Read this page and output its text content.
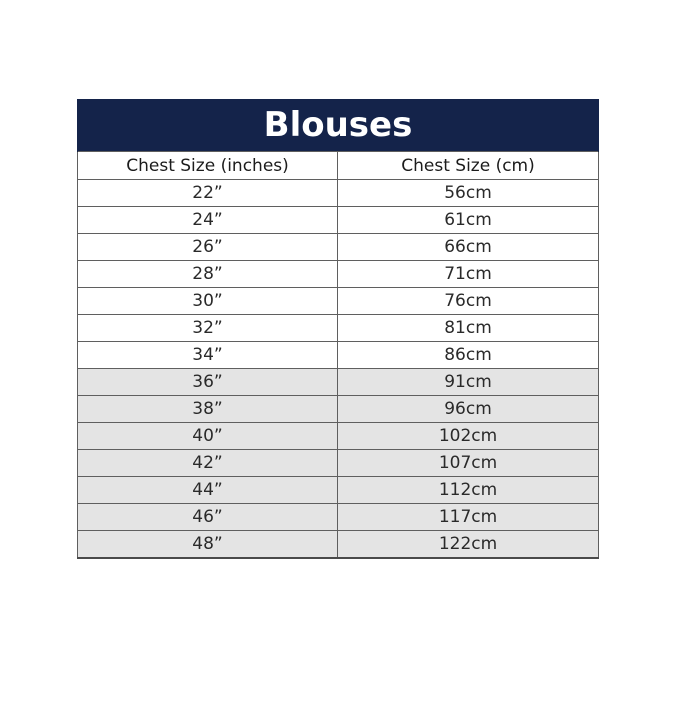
Blouses	
Chest Size (inches)	Chest Size (cm)
22”	56cm
24”	61cm
26”	66cm
28”	71cm
30”	76cm
32”	81cm
34”	86cm
36”	91cm
38”	96cm
40”	102cm
42”	107cm
44”	112cm
46”	117cm
48”	122cm
